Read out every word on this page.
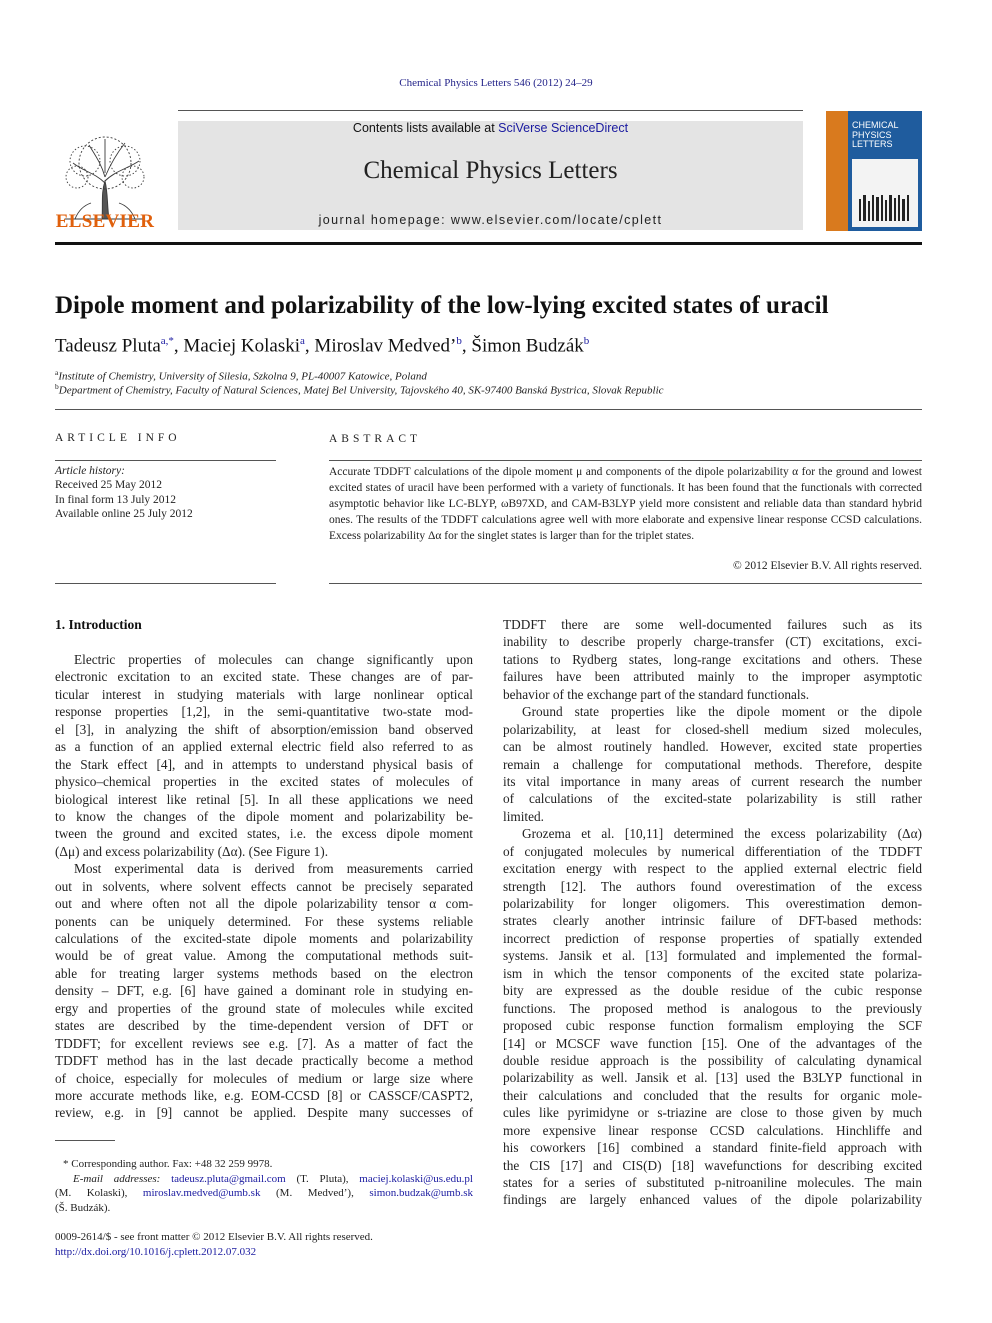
Chemical Physics Letters 546 (2012) 24–29
ELSEVIER
Contents lists available at SciVerse ScienceDirect
Chemical Physics Letters
journal homepage: www.elsevier.com/locate/cplett
CHEMICAL
PHYSICS
LETTERS
Dipole moment and polarizability of the low-lying excited states of uracil
Tadeusz Pluta$^{a,*}$, Maciej Kolaski$^a$, Miroslav Medved’$^b$, Šimon Budzák$^b$
$^a$Institute of Chemistry, University of Silesia, Szkolna 9, PL-40007 Katowice, Poland
$^b$Department of Chemistry, Faculty of Natural Sciences, Matej Bel University, Tajovského 40, SK-97400 Banská Bystrica, Slovak Republic
ARTICLE INFO	ABSTRACT
Article history:
Received 25 May 2012
In final form 13 July 2012
Available online 25 July 2012
Accurate TDDFT calculations of the dipole moment μ and components of the dipole polarizability α for the ground and lowest excited states of uracil have been performed with a variety of functionals. It has been found that the functionals with corrected asymptotic behavior like LC-BLYP, ωB97XD, and CAM-B3LYP yield more consistent and reliable data than standard hybrid ones. The results of the TDDFT calculations agree well with more elaborate and expensive linear response CCSD calculations. Excess polarizability Δα for the singlet states is larger than for the triplet states.
© 2012 Elsevier B.V. All rights reserved.
1. Introduction

Electric properties of molecules can change significantly upon

electronic excitation to an excited state. These changes are of par-

ticular interest in studying materials with large nonlinear optical

response properties [1,2], in the semi-quantitative two-state mod-

el [3], in analyzing the shift of absorption/emission band observed

as a function of an applied external electric field also referred to as

the Stark effect [4], and in attempts to understand physical basis of

physico–chemical properties in the excited states of molecules of

biological interest like retinal [5]. In all these applications we need

to know the changes of the dipole moment and polarizability be-

tween the ground and excited states, i.e. the excess dipole moment

(Δμ) and excess polarizability (Δα). (See Figure 1).

Most experimental data is derived from measurements carried

out in solvents, where solvent effects cannot be precisely separated

out and where often not all the dipole polarizability tensor α com-

ponents can be uniquely determined. For these systems reliable

calculations of the excited-state dipole moments and polarizability

would be of great value. Among the computational methods suit-

able for treating larger systems methods based on the electron

density – DFT, e.g. [6] have gained a dominant role in studying en-

ergy and properties of the ground state of molecules while excited

states are described by the time-dependent version of DFT or

TDDFT; for excellent reviews see e.g. [7]. As a matter of fact the

TDDFT method has in the last decade practically become a method

of choice, especially for molecules of medium or large size where

more accurate methods like, e.g. EOM-CCSD [8] or CASSCF/CASPT2,

review, e.g. in [9] cannot be applied. Despite many successes of

TDDFT there are some well-documented failures such as its

inability to describe properly charge-transfer (CT) excitations, exci-

tations to Rydberg states, long-range excitations and others. These

failures have been attributed mainly to the improper asymptotic

behavior of the exchange part of the standard functionals.

Ground state properties like the dipole moment or the dipole

polarizability, at least for closed-shell medium sized molecules,

can be almost routinely handled. However, excited state properties

remain a challenge for computational methods. Therefore, despite

its vital importance in many areas of current research the number

of calculations of the excited-state polarizability is still rather

limited.

Grozema et al. [10,11] determined the excess polarizability (Δα)

of conjugated molecules by numerical differentiation of the TDDFT

excitation energy with respect to the applied external electric field

strength [12]. The authors found overestimation of the excess

polarizability for longer oligomers. This overestimation demon-

strates clearly another intrinsic failure of DFT-based methods:

incorrect prediction of response properties of spatially extended

systems. Jansik et al. [13] formulated and implemented the formal-

ism in which the tensor components of the excited state polariza-

bity are expressed as the double residue of the cubic response

functions. The proposed method is analogous to the previously

proposed cubic response function formalism employing the SCF

[14] or MCSCF wave function [15]. One of the advantages of the

double residue approach is the possibility of calculating dynamical

polarizability as well. Jansik et al. [13] used the B3LYP functional in

their calculations and concluded that the results for organic mole-

cules like pyrimidyne or s-triazine are close to those given by much

more expensive linear response CCSD calculations. Hinchliffe and

his coworkers [16] combined a standard finite-field approach with

the CIS [17] and CIS(D) [18] wavefunctions for describing excited

states for a series of substituted p-nitroaniline molecules. The main

findings are largely enhanced values of the dipole polarizability

* Corresponding author. Fax: +48 32 259 9978.

E-mail addresses: tadeusz.pluta@gmail.com (T. Pluta), maciej.kolaski@us.edu.pl

(M. Kolaski), miroslav.medved@umb.sk (M. Medved’), simon.budzak@umb.sk

(Š. Budzák).

0009-2614/$ - see front matter © 2012 Elsevier B.V. All rights reserved.
http://dx.doi.org/10.1016/j.cplett.2012.07.032
